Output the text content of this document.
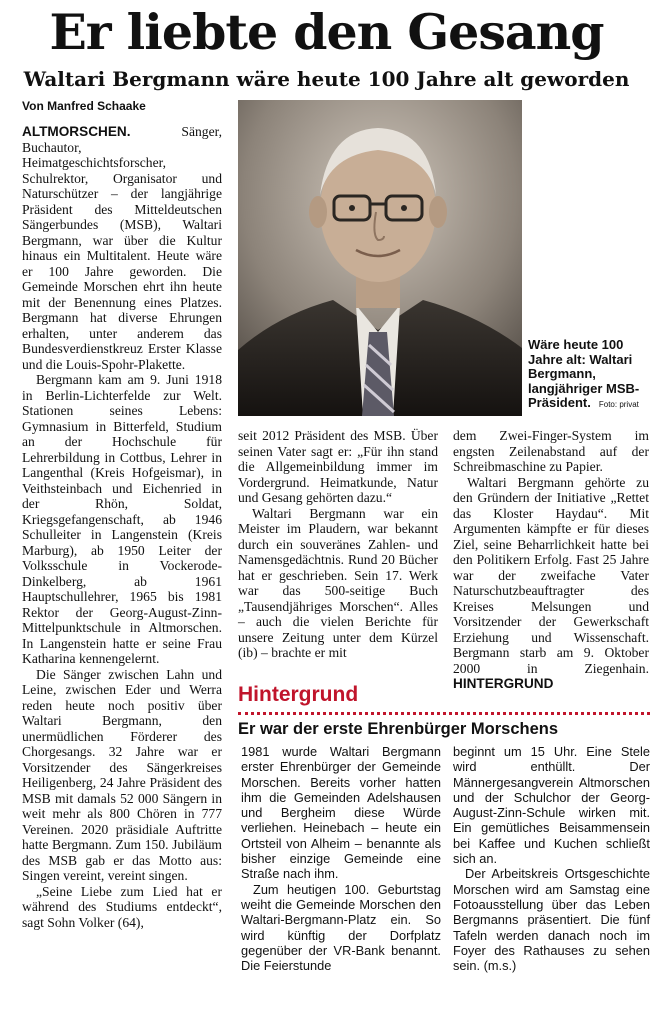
Er liebte den Gesang
Waltari Bergmann wäre heute 100 Jahre alt geworden
Von Manfred Schaake

ALTMORSCHEN.	Sänger, Buchautor, Heimatgeschichtsforscher, Schulrektor, Organisator und Naturschützer – der langjährige Präsident des Mitteldeutschen Sängerbundes (MSB), Waltari Bergmann, war über die Kultur hinaus ein Multitalent. Heute wäre er 100 Jahre geworden. Die Gemeinde Morschen ehrt ihn heute mit der Benennung eines Platzes. Bergmann hat diverse Ehrungen erhalten, unter anderem das Bundesverdienstkreuz Erster Klasse und die Louis-Spohr-Plakette.

Bergmann kam am 9. Juni 1918 in Berlin-Lichterfelde zur Welt. Stationen seines Lebens: Gymnasium in Bitterfeld, Studium an der Hochschule für Lehrerbildung in Cottbus, Lehrer in Langenthal (Kreis Hofgeismar), in Veithsteinbach und Eichenried in der Rhön, Soldat, Kriegsgefangenschaft, ab 1946 Schulleiter in Langenstein (Kreis Marburg), ab 1950 Leiter der Volksschule in Vockerode-Dinkelberg, ab 1961 Hauptschullehrer, 1965 bis 1981 Rektor der Georg-August-Zinn-Mittelpunktschule in Altmorschen. In Langenstein hatte er seine Frau Katharina kennengelernt.

Die Sänger zwischen Lahn und Leine, zwischen Eder und Werra reden heute noch positiv über Waltari Bergmann, den unermüdlichen Förderer des Chorgesangs. 32 Jahre war er Vorsitzender des Sängerkreises Heiligenberg, 24 Jahre Präsident des MSB mit damals 52 000 Sängern in weit mehr als 800 Chören in 777 Vereinen. 2020 präsidiale Auftritte hatte Bergmann. Zum 150. Jubiläum des MSB gab er das Motto aus: Singen vereint, vereint singen.

„Seine Liebe zum Lied hat er während des Studiums entdeckt“, sagt Sohn Volker (64),

Wäre heute 100 Jahre alt: Waltari Bergmann, langjähriger MSB-Präsident. Foto: privat

seit 2012 Präsident des MSB. Über seinen Vater sagt er: „Für ihn stand die Allgemeinbildung immer im Vordergrund. Heimatkunde, Natur und Gesang gehörten dazu.“

Waltari Bergmann war ein Meister im Plaudern, war bekannt durch ein souveränes Zahlen- und Namensgedächtnis. Rund 20 Bücher hat er geschrieben. Sein 17. Werk war das 500-seitige Buch „Tausendjähriges Morschen“. Alles – auch die vielen Berichte für unsere Zeitung unter dem Kürzel (ib) – brachte er mit

dem Zwei-Finger-System im engsten Zeilenabstand auf der Schreibmaschine zu Papier.

Waltari Bergmann gehörte zu den Gründern der Initiative „Rettet das Kloster Haydau“. Mit Argumenten kämpfte er für dieses Ziel, seine Beharrlichkeit hatte bei den Politikern Erfolg. Fast 25 Jahre war der zweifache Vater Naturschutzbeauftragter des Kreises Melsungen und Vorsitzender der Gewerkschaft Erziehung und Wissenschaft. Bergmann starb am 9. Oktober 2000 in Ziegenhain. HINTERGRUND

Hintergrund
Er war der erste Ehrenbürger Morschens

1981 wurde Waltari Bergmann erster Ehrenbürger der Gemeinde Morschen. Bereits vorher hatten ihm die Gemeinden Adelshausen und Bergheim diese Würde verliehen. Heinebach – heute ein Ortsteil von Alheim – benannte als bisher einzige Gemeinde eine Straße nach ihm.

Zum heutigen 100. Geburtstag weiht die Gemeinde Morschen den Waltari-Bergmann-Platz ein. So wird künftig der Dorfplatz gegenüber der VR-Bank benannt. Die Feierstunde

beginnt um 15 Uhr. Eine Stele wird enthüllt. Der Männergesangverein Altmorschen und der Schulchor der Georg-August-Zinn-Schule wirken mit. Ein gemütliches Beisammensein bei Kaffee und Kuchen schließt sich an.

Der Arbeitskreis Ortsgeschichte Morschen wird am Samstag eine Fotoausstellung über das Leben Bergmanns präsentiert. Die fünf Tafeln werden danach noch im Foyer des Rathauses zu sehen sein. (m.s.)
